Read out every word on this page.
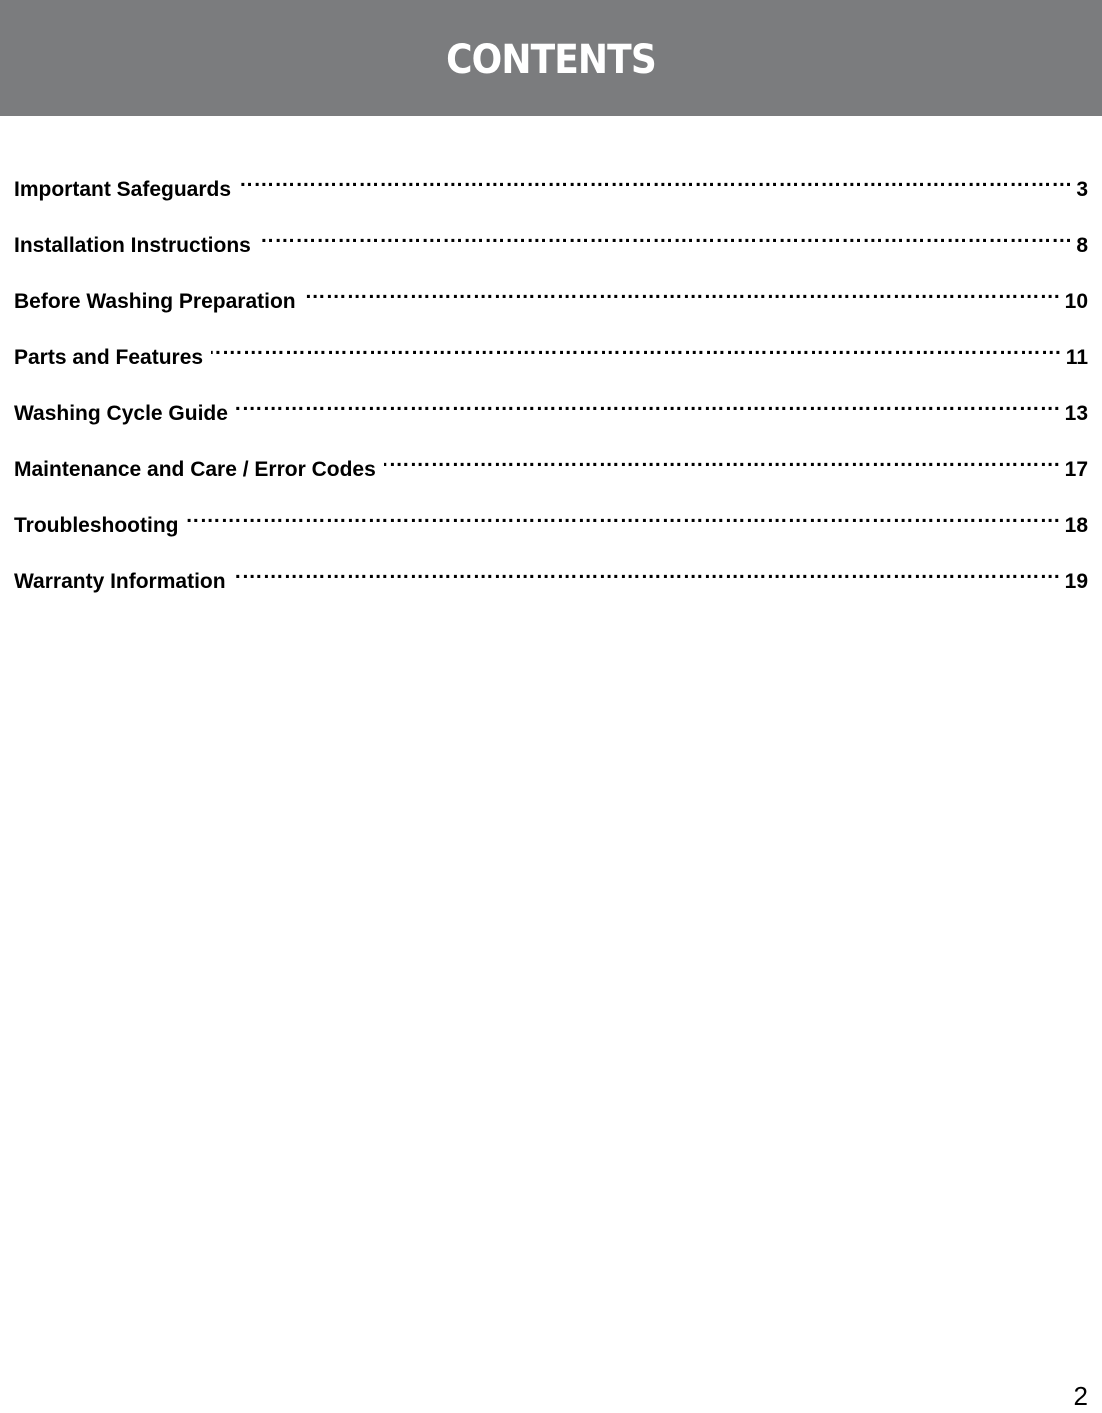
CONTENTS
Important Safeguards ……………………………………………………………………………………………………………………………………………………………………………………………………………………	3
Installation Instructions ……………………………………………………………………………………………………………………………………………………………………………………………………………………	8
Before Washing Preparation ……………………………………………………………………………………………………………………………………………………………………………………………………………………	10
Parts and Features ……………………………………………………………………………………………………………………………………………………………………………………………………………………	11
Washing Cycle Guide ……………………………………………………………………………………………………………………………………………………………………………………………………………………	13
Maintenance and Care / Error Codes ……………………………………………………………………………………………………………………………………………………………………………………………………………………	17
Troubleshooting ……………………………………………………………………………………………………………………………………………………………………………………………………………………	18
Warranty Information ……………………………………………………………………………………………………………………………………………………………………………………………………………………	19
2
